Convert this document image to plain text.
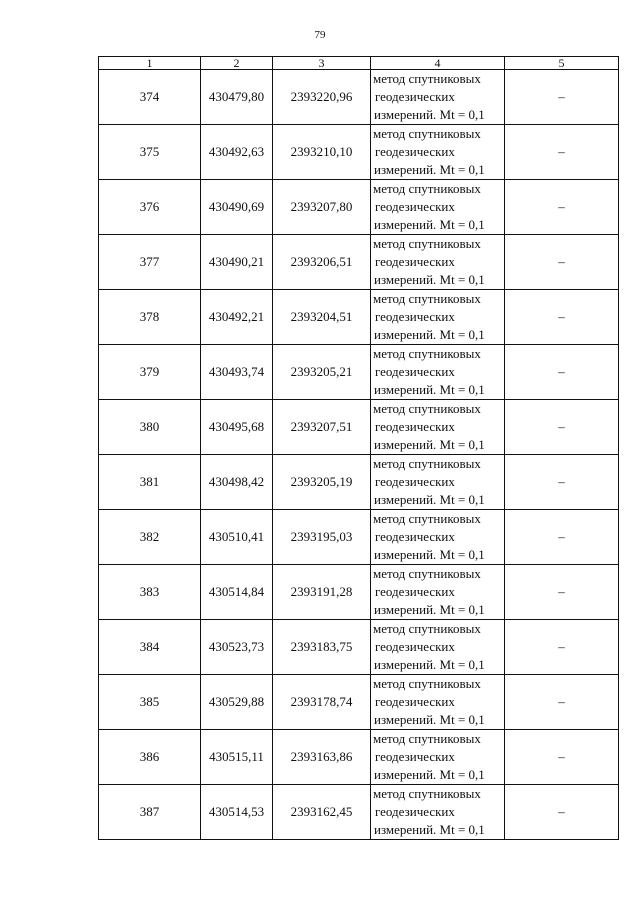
79
1	2	3	4	5
374	430479,80	2393220,96	метод спутниковых
геодезических
измерений. Mt = 0,1	–
375	430492,63	2393210,10	метод спутниковых
геодезических
измерений. Mt = 0,1	–
376	430490,69	2393207,80	метод спутниковых
геодезических
измерений. Mt = 0,1	–
377	430490,21	2393206,51	метод спутниковых
геодезических
измерений. Mt = 0,1	–
378	430492,21	2393204,51	метод спутниковых
геодезических
измерений. Mt = 0,1	–
379	430493,74	2393205,21	метод спутниковых
геодезических
измерений. Mt = 0,1	–
380	430495,68	2393207,51	метод спутниковых
геодезических
измерений. Mt = 0,1	–
381	430498,42	2393205,19	метод спутниковых
геодезических
измерений. Mt = 0,1	–
382	430510,41	2393195,03	метод спутниковых
геодезических
измерений. Mt = 0,1	–
383	430514,84	2393191,28	метод спутниковых
геодезических
измерений. Mt = 0,1	–
384	430523,73	2393183,75	метод спутниковых
геодезических
измерений. Mt = 0,1	–
385	430529,88	2393178,74	метод спутниковых
геодезических
измерений. Mt = 0,1	–
386	430515,11	2393163,86	метод спутниковых
геодезических
измерений. Mt = 0,1	–
387	430514,53	2393162,45	метод спутниковых
геодезических
измерений. Mt = 0,1	–
